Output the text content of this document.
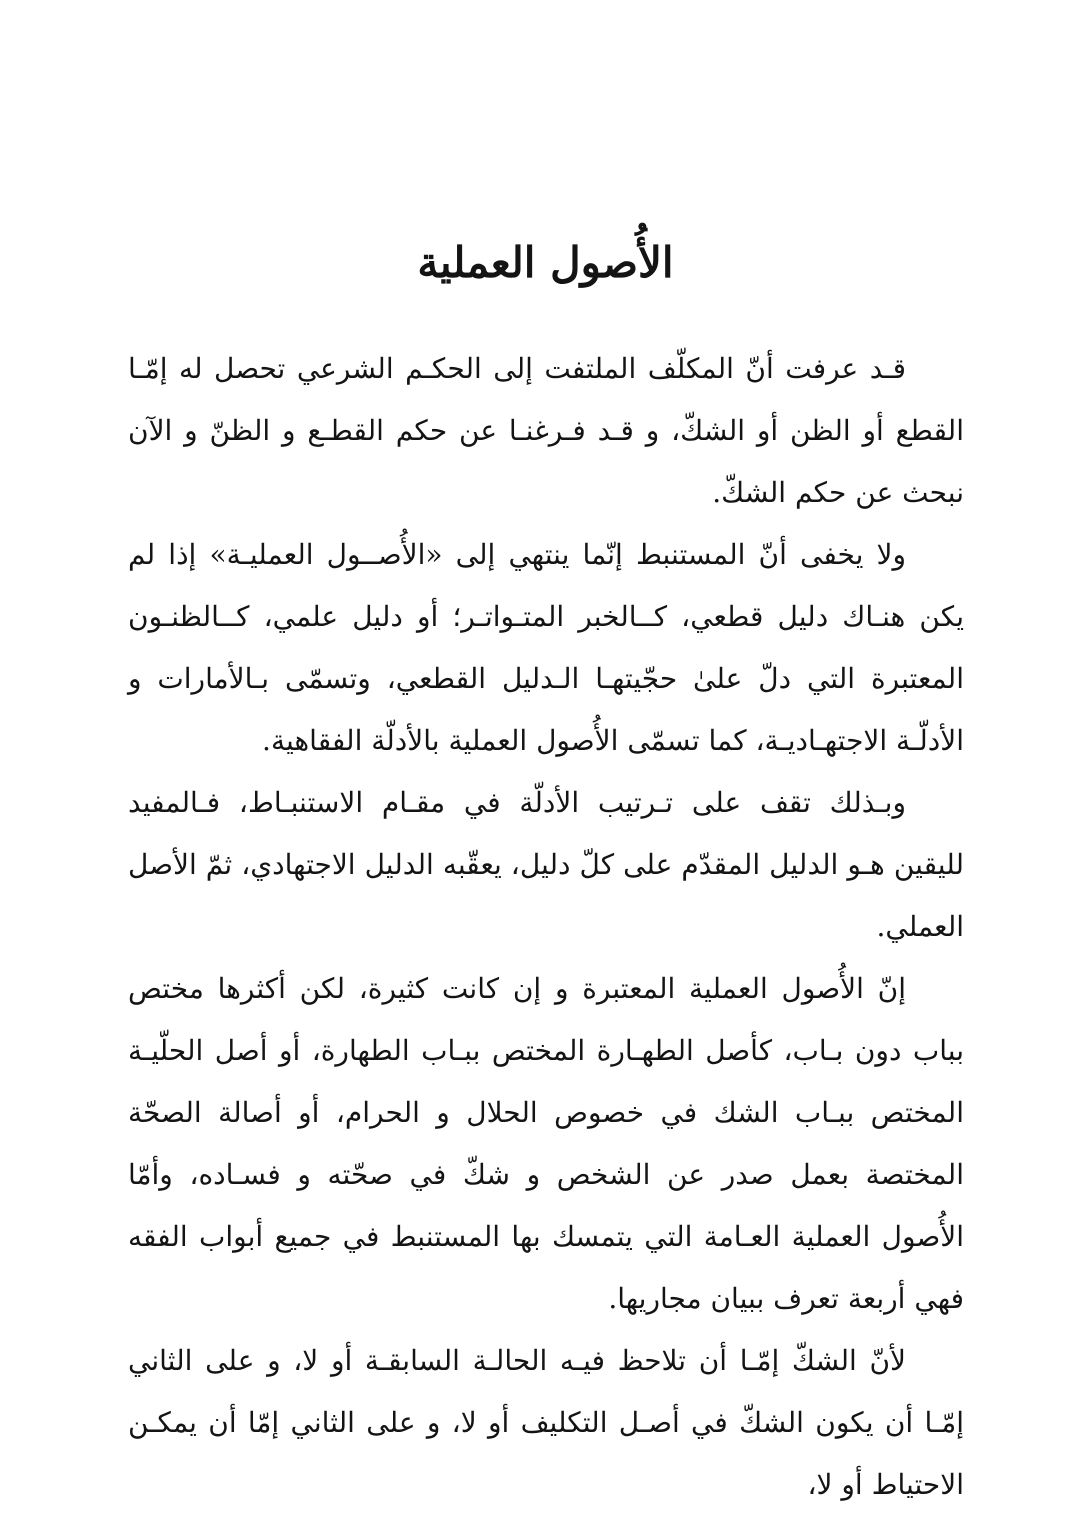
الأُصول العملية

قـد عرفت أنّ المكلّف الملتفت إلى الحكـم الشرعي تحصل له إمّـا القطع أو الظن أو الشكّ، و قـد فـرغنـا عن حكم القطـع و الظنّ و الآن نبحث عن حكم الشكّ.

ولا يخفى أنّ المستنبط إنّما ينتهي إلى «الأُصــول العمليـة» إذا لم يكن هنـاك دليل قطعي، كــالخبر المتـواتـر؛ أو دليل علمي، كــالظنـون المعتبرة التي دلّ علىٰ حجّيتهـا الـدليل القطعي، وتسمّى بـالأمارات و الأدلّـة الاجتهـاديـة، كما تسمّى الأُصول العملية بالأدلّة الفقاهية.

وبـذلك تقف على تـرتيب الأدلّة في مقـام الاستنبـاط، فـالمفيد لليقين هـو الدليل المقدّم على كلّ دليل، يعقّبه الدليل الاجتهادي، ثمّ الأصل العملي.

إنّ الأُصول العملية المعتبرة و إن كانت كثيرة، لكن أكثرها مختص بباب دون بـاب، كأصل الطهـارة المختص ببـاب الطهارة، أو أصل الحلّيـة المختص ببـاب الشك في خصوص الحلال و الحرام، أو أصالة الصحّة المختصة بعمل صدر عن الشخص و شكّ في صحّته و فسـاده، وأمّا الأُصول العملية العـامة التي يتمسك بها المستنبط في جميع أبواب الفقه فهي أربعة تعرف ببيان مجاريها.

لأنّ الشكّ إمّـا أن تلاحظ فيـه الحالـة السابقـة أو لا، و على الثاني إمّـا أن يكون الشكّ في أصـل التكليف أو لا، و على الثاني إمّا أن يمكـن الاحتياط أو لا،
